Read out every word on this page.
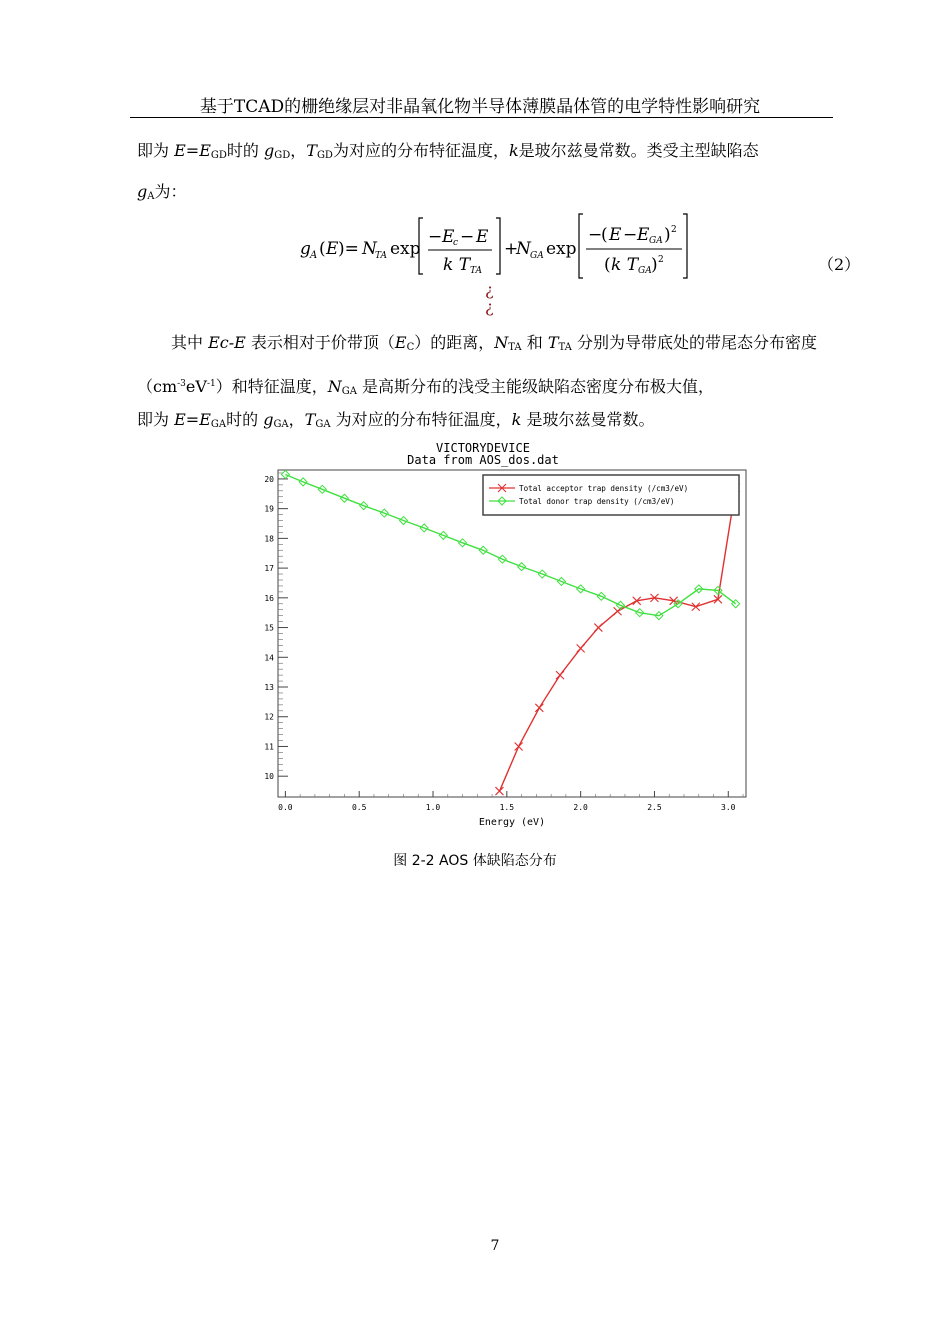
基于TCAD的栅绝缘层对非晶氧化物半导体薄膜晶体管的电学特性影响研究
即为 $E=E_{GD}$时的 $g_{GD}$，$T_{GD}$为对应的分布特征温度，k是玻尔兹曼常数。类受主型缺陷态
$g_A$为：
g A ( E )= N
TA exp
− E
c − E
k T TA
+
N GA exp
−
( E − E GA ) 2
( k T GA ) 2	（2）
¿
¿
其中 Ec-E 表示相对于价带顶$(E_C)$的距离，$N_{TA}$ 和 $T_{TA}$ 分别为导带底处的带尾态分布密度$(cm^{-3}eV^{-1})$和特征温度，$N_{GA}$ 是高斯分布的浅受主能级缺陷态密度分布极大值，
即为 $E=E_{GA}$时的 $g_{GA}$，$T_{GA}$ 为对应的分布特征温度，k 是玻尔兹曼常数。
VICTORYDEVICE
Data from AOS_dos.dat
10
11
12
13
14
15
16
17
18
19
20
0.0	0.5	1.0	1.5	2.0	2.5	3.0
Total acceptor trap density (/cm3/eV)
Total donor trap density (/cm3/eV)
Energy (eV)
图 2-2 AOS 体缺陷态分布
7
